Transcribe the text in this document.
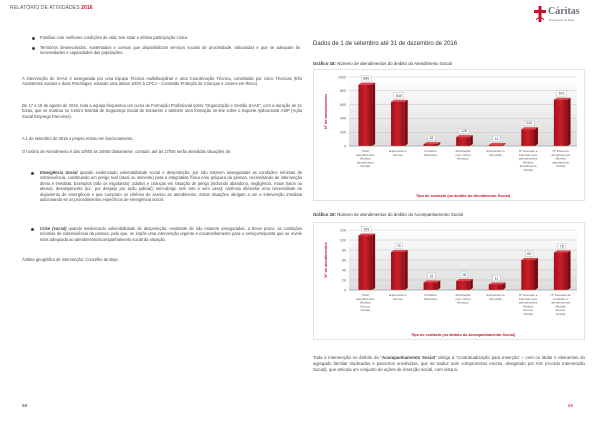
RELATÓRIO DE ATIVIDADES 2016	Cáritas
Diocesana de Beja
Famílias com melhores condições de vida, tem estar e efetiva participação cívica.
Territórios desenvolvidos, sustentados e coesos que disponibilizam serviços sociais de proximidade, articulados e que se adequam às necessidades e capacidades das populações.
A intervenção do SAAS é assegurada por uma Equipa Técnica multidisciplinar e uma Coordenação Técnica, constituída por cinco Técnicas (três Assistentes Sociais e duas Psicólogas, estando uma afetas 100% à CPCJ – Comissão Proteção de Crianças e Jovens em Risco).
De 17 a 19 de agosto de 2016, toda a equipa frequentou um curso de Formação Profissional sobre “Organização e Gestão SAAS”, com a duração de 21 horas, que se realizou no Centro Distrital de Segurança Social de Santarém e também uma formação on-line sobre o Suporte Aplicacional ASIP (Ação Social Emprego Parceiros).
A 1 de setembro de 2016 o projeto entrou em funcionamento.
O horário de Atendimento é das 10h00 às 16h00 diariamente, contudo, até às 17h00 serão atendidas situações de:
Emergência Social quando evidenciado vulnerabilidade social e desproteção, por não estarem asseguradas as condições mínimas de sobrevivência, constituindo um perigo real (atual ou iminente) para a integridade física e/ou psíquica da pessoa, necessitando de intervenção direta e imediata. Exemplos (não os esgotando): adultos e crianças em situação de perigo (incluindo abandono, negligência, maus tratos ou abuso); desalojamento (ex.: por despejo por ação judicial); sem-abrigo sem teto e sem casa); carência alimentar e/ou necessidade de alojamento de emergência e que cumpram os critérios de acesso ao atendimento. Estas situações obrigam a um a intervenção imediata adicionando-se os procedimentos específicos de emergência social.
Crise (social) quando evidenciado vulnerabilidade de desproteção, resultante de não estarem asseguradas, a breve prazo, as condições mínimas de sobrevivência da pessoa, pelo que, se impõe uma intervenção urgente e encaminhamento para o serviço/resposta que se revele mais adequada ao atendimento/acompanhamento social da situação.
Âmbito geográfico de intervenção: Concelho de Beja.
68
Dados de 1 de setembro até 31 de dezembro de 2016
Gráfico 18: Número de atendimentos do âmbito do Atendimento Social
0
200
400
600
800
1000
Nº de atendimentos
889
Total atendimentos (Âmbito atendimento Social)
640
Entrevista no Serviço
28
Contacto Telefónico
128
Articulação com outros Serviços
14
Entrevista no Domicílio
243
Nº Pessoas e Famílias sem atendimentos (Âmbito atendimento Social)
671
Nº Diversos atendimentos (Âmbito atendimento Social)
Tipo de contacto (no âmbito do Atendimento Social)
Gráfico 19: Número de atendimentos do âmbito do Acompanhamento Social
0
20
40
60
80
100
120
Nº de atendimentos
109
Total atendimentos (Âmbito Acomp. Social)
76
Entrevista no Serviço
15
Contacto Telefónico
18
Articulação com outros Serviços
11
Entrevista no Domicílio
60
Nº Pessoas e Famílias sem atendimentos (Âmbito Acomp. Social)
75
Nº Pessoas de Famílias c/ atendimentos (Âmbito Acomp. Social)
Tipo de contacto (no âmbito do Acompanhamento Social)
Toda a intervenção no âmbito do “Acompanhamento Social” obriga à ‘Contratualização para Inserção’ – com os titular e elementos do agregado familiar implicados e parceiros envolvidos, que se traduz num compromisso escrito, designado por AIS (Acordo Intervenção Social), que articula um conjunto de ações de inserção social, com vista a:
69
